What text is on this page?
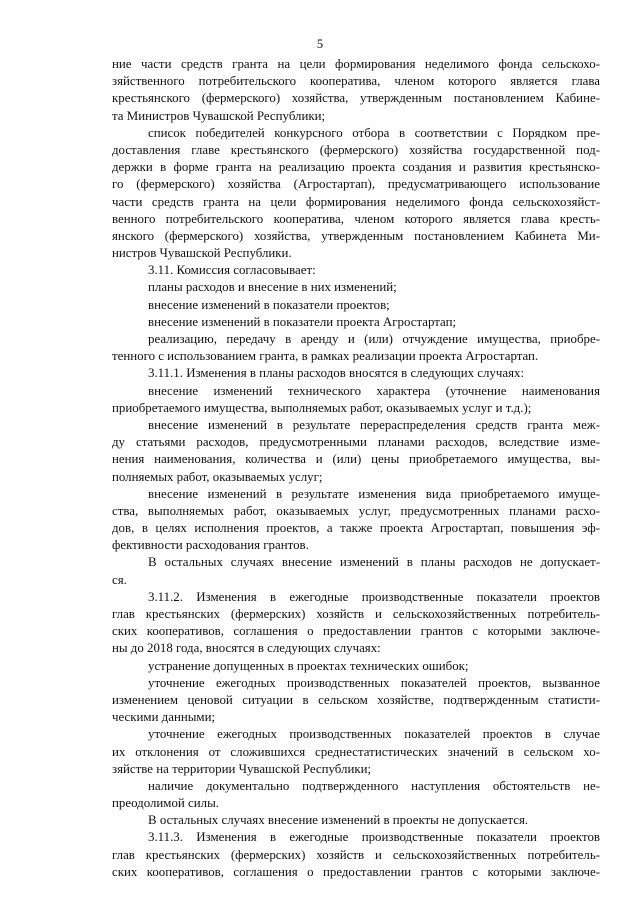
5
ние части средств гранта на цели формирования неделимого фонда сельскохо-
зяйственного потребительского кооператива, членом которого является глава
крестьянского (фермерского) хозяйства, утвержденным постановлением Кабине-
та Министров Чувашской Республики;
список победителей конкурсного отбора в соответствии с Порядком пре-
доставления главе крестьянского (фермерского) хозяйства государственной под-
держки в форме гранта на реализацию проекта создания и развития крестьянско-
го (фермерского) хозяйства (Агростартап), предусматривающего использование
части средств гранта на цели формирования неделимого фонда сельскохозяйст-
венного потребительского кооператива, членом которого является глава кресть-
янского (фермерского) хозяйства, утвержденным постановлением Кабинета Ми-
нистров Чувашской Республики.
3.11. Комиссия согласовывает:
планы расходов и внесение в них изменений;
внесение изменений в показатели проектов;
внесение изменений в показатели проекта Агростартап;
реализацию, передачу в аренду и (или) отчуждение имущества, приобре-
тенного с использованием гранта, в рамках реализации проекта Агростартап.
3.11.1. Изменения в планы расходов вносятся в следующих случаях:
внесение изменений технического характера (уточнение наименования
приобретаемого имущества, выполняемых работ, оказываемых услуг и т.д.);
внесение изменений в результате перераспределения средств гранта меж-
ду статьями расходов, предусмотренными планами расходов, вследствие изме-
нения наименования, количества и (или) цены приобретаемого имущества, вы-
полняемых работ, оказываемых услуг;
внесение изменений в результате изменения вида приобретаемого имуще-
ства, выполняемых работ, оказываемых услуг, предусмотренных планами расхо-
дов, в целях исполнения проектов, а также проекта Агростартап, повышения эф-
фективности расходования грантов.
В остальных случаях внесение изменений в планы расходов не допускает-
ся.
3.11.2. Изменения в ежегодные производственные показатели проектов
глав крестьянских (фермерских) хозяйств и сельскохозяйственных потребитель-
ских кооперативов, соглашения о предоставлении грантов с которыми заключе-
ны до 2018 года, вносятся в следующих случаях:
устранение допущенных в проектах технических ошибок;
уточнение ежегодных производственных показателей проектов, вызванное
изменением ценовой ситуации в сельском хозяйстве, подтвержденным статисти-
ческими данными;
уточнение ежегодных производственных показателей проектов в случае
их отклонения от сложившихся среднестатистических значений в сельском хо-
зяйстве на территории Чувашской Республики;
наличие документально подтвержденного наступления обстоятельств не-
преодолимой силы.
В остальных случаях внесение изменений в проекты не допускается.
3.11.3. Изменения в ежегодные производственные показатели проектов
глав крестьянских (фермерских) хозяйств и сельскохозяйственных потребитель-
ских кооперативов, соглашения о предоставлении грантов с которыми заключе-
